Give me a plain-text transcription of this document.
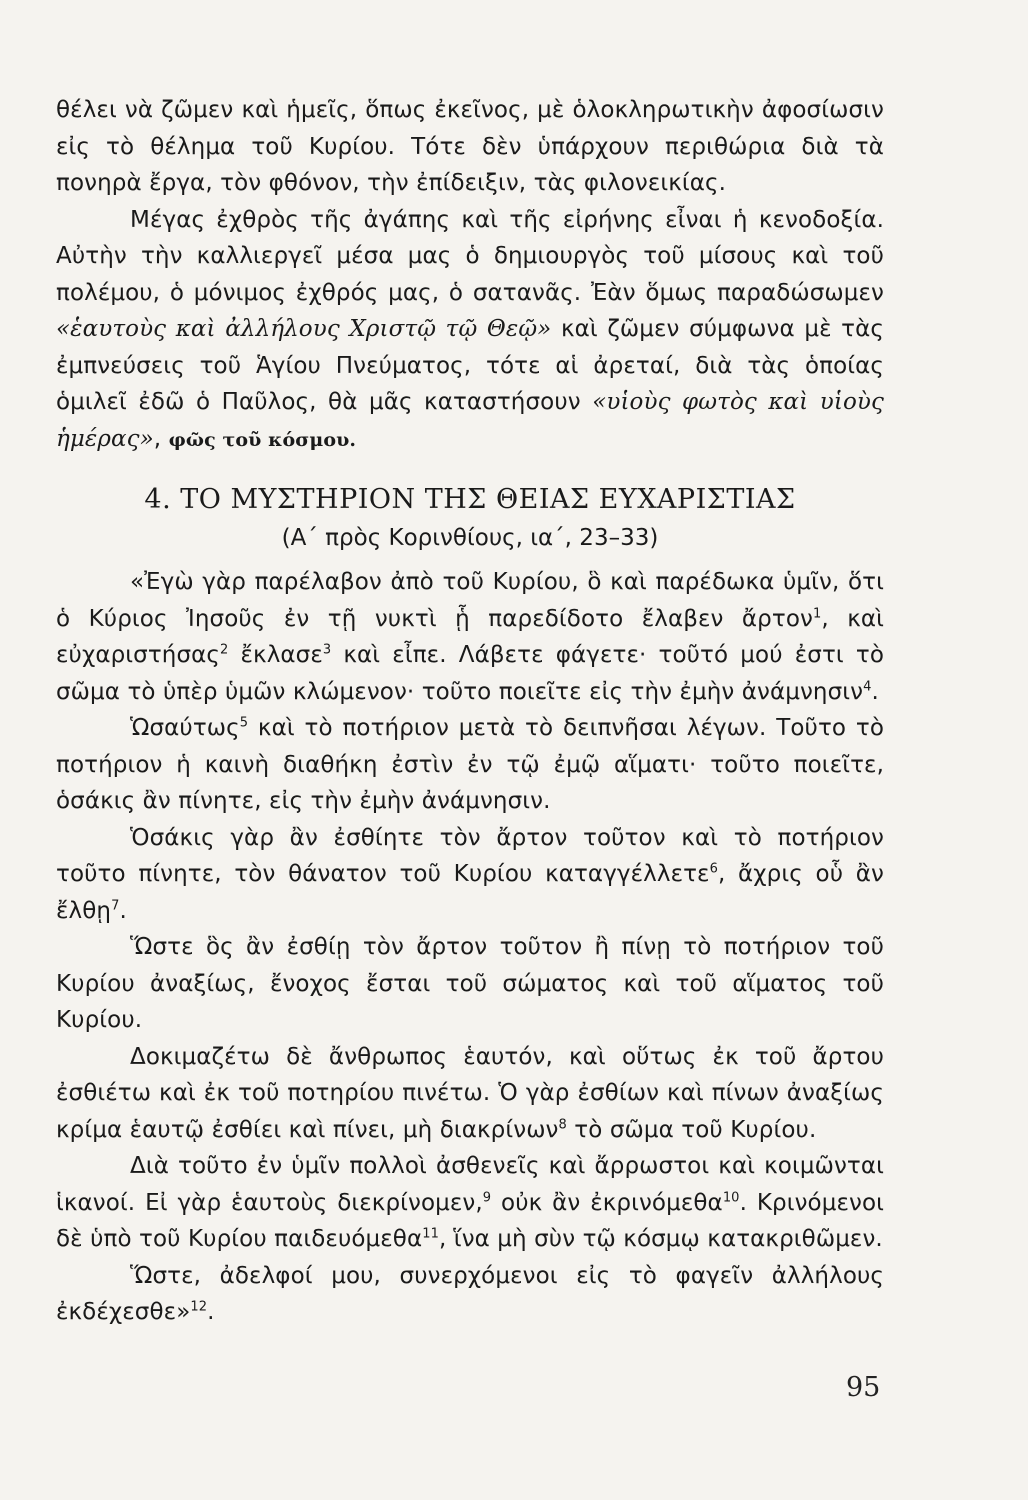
θέλει νὰ ζῶμεν καὶ ἡμεῖς, ὅπως ἐκεῖνος, μὲ ὁλοκληρωτικὴν ἀφοσίωσιν εἰς τὸ θέλημα τοῦ Κυρίου. Τότε δὲν ὑπάρχουν περιθώρια διὰ τὰ πονηρὰ ἔργα, τὸν φθόνον, τὴν ἐπίδειξιν, τὰς φιλονεικίας.

Μέγας ἐχθρὸς τῆς ἀγάπης καὶ τῆς εἰρήνης εἶναι ἡ κενοδοξία. Αὐτὴν τὴν καλλιεργεῖ μέσα μας ὁ δημιουργὸς τοῦ μίσους καὶ τοῦ πολέμου, ὁ μόνιμος ἐχθρός μας, ὁ σατανᾶς. Ἐὰν ὅμως παραδώσωμεν «ἑαυτοὺς καὶ ἀλλήλους Χριστῷ τῷ Θεῷ» καὶ ζῶμεν σύμφωνα μὲ τὰς ἐμπνεύσεις τοῦ Ἁγίου Πνεύματος, τότε αἱ ἀρεταί, διὰ τὰς ὁποίας ὁμιλεῖ ἐδῶ ὁ Παῦλος, θὰ μᾶς καταστήσουν «υἱοὺς φωτὸς καὶ υἱοὺς ἡμέρας», φῶς τοῦ κόσμου.

4. ΤΟ ΜΥΣΤΗΡΙΟΝ ΤΗΣ ΘΕΙΑΣ ΕΥΧΑΡΙΣΤΙΑΣ
(Α΄ πρὸς Κορινθίους, ια΄, 23–33)

«Ἐγὼ γὰρ παρέλαβον ἀπὸ τοῦ Κυρίου, ὃ καὶ παρέδωκα ὑμῖν, ὅτι ὁ Κύριος Ἰησοῦς ἐν τῇ νυκτὶ ᾗ παρεδίδοτο ἔλαβεν ἄρτον$^1$, καὶ εὐχαριστήσας$^2$ ἔκλασε$^3$ καὶ εἶπε. Λάβετε φάγετε· τοῦτό μού ἐστι τὸ σῶμα τὸ ὑπὲρ ὑμῶν κλώμενον· τοῦτο ποιεῖτε εἰς τὴν ἐμὴν ἀνάμνησιν$^4$.

Ὡσαύτως$^5$ καὶ τὸ ποτήριον μετὰ τὸ δειπνῆσαι λέγων. Τοῦτο τὸ ποτήριον ἡ καινὴ διαθήκη ἐστὶν ἐν τῷ ἐμῷ αἵματι· τοῦτο ποιεῖτε, ὁσάκις ἂν πίνητε, εἰς τὴν ἐμὴν ἀνάμνησιν.

Ὁσάκις γὰρ ἂν ἐσθίητε τὸν ἄρτον τοῦτον καὶ τὸ ποτήριον τοῦτο πίνητε, τὸν θάνατον τοῦ Κυρίου καταγγέλλετε$^6$, ἄχρις οὗ ἂν ἔλθῃ$^7$.

Ὥστε ὃς ἂν ἐσθίῃ τὸν ἄρτον τοῦτον ἢ πίνῃ τὸ ποτήριον τοῦ Κυρίου ἀναξίως, ἔνοχος ἔσται τοῦ σώματος καὶ τοῦ αἵματος τοῦ Κυρίου.

Δοκιμαζέτω δὲ ἄνθρωπος ἑαυτόν, καὶ οὕτως ἐκ τοῦ ἄρτου ἐσθιέτω καὶ ἐκ τοῦ ποτηρίου πινέτω. Ὁ γὰρ ἐσθίων καὶ πίνων ἀναξίως κρίμα ἑαυτῷ ἐσθίει καὶ πίνει, μὴ διακρίνων$^8$ τὸ σῶμα τοῦ Κυρίου.

Διὰ τοῦτο ἐν ὑμῖν πολλοὶ ἀσθενεῖς καὶ ἄρρωστοι καὶ κοιμῶνται ἱκανοί. Εἰ γὰρ ἑαυτοὺς διεκρίνομεν,$^9$ οὐκ ἂν ἐκρινόμεθα$^{10}$. Κρινόμενοι δὲ ὑπὸ τοῦ Κυρίου παιδευόμεθα$^{11}$, ἵνα μὴ σὺν τῷ κόσμῳ κατακριθῶμεν.

Ὥστε, ἀδελφοί μου, συνερχόμενοι εἰς τὸ φαγεῖν ἀλλήλους ἐκδέχεσθε»$^{12}$.

95
